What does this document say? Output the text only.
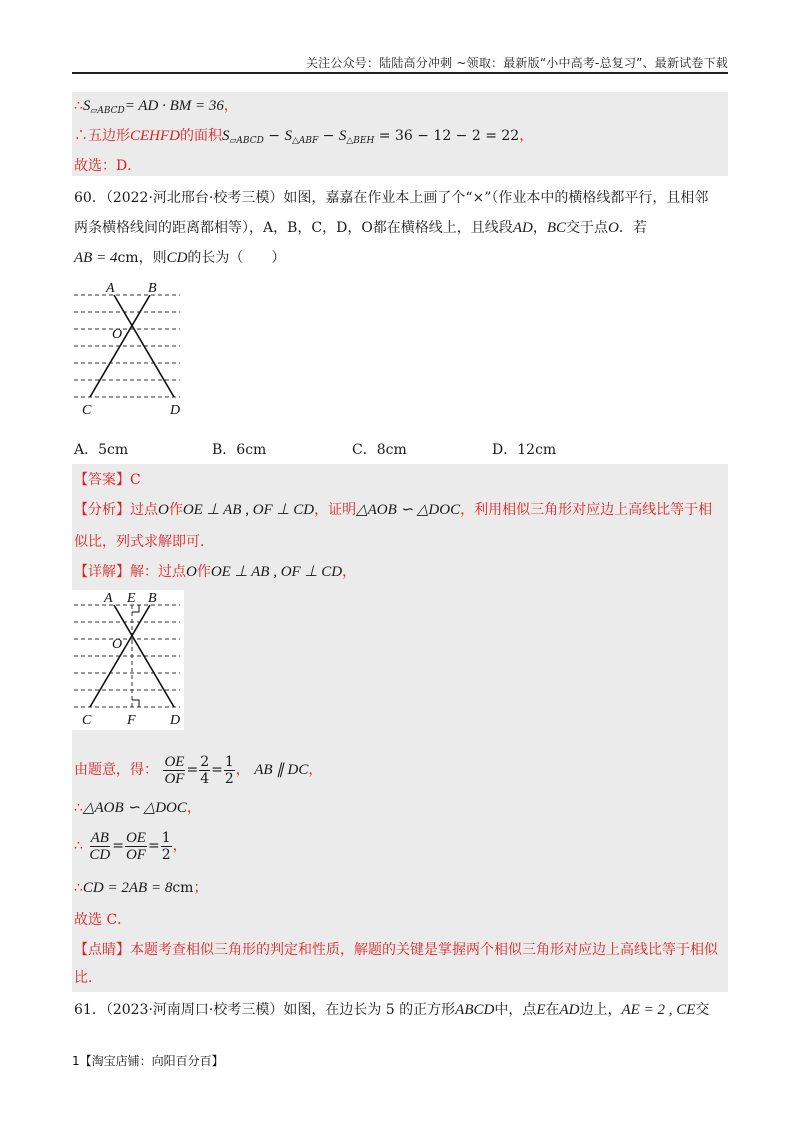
关注公众号：陆陆高分冲刺 ~领取：最新版“小中高考-总复习”、最新试卷下载
$\therefore S_{▱ABCD}=$ AD · BM = 36，
∴五边形CEHFD的面积$S_{▱ABCD} - S_{\triangle ABF} - S_{\triangle BEH} = 36 - 12 - 2 = 22$，
故选：D．
60．（2022·河北邢台·校考三模）如图，嘉嘉在作业本上画了个“×”（作业本中的横格线都平行，且相邻
两条横格线间的距离都相等），A，B，C，D，O都在横格线上，且线段AD，BC交于点O．若
AB = 4cm，则CD的长为（　　）
A B
O
C	D
A．5cm	B．6cm	C．8cm	D．12cm
【答案】C
【分析】过点O作OE ⊥ AB , OF ⊥ CD，证明△AOB ∽ △DOC，利用相似三角形对应边上高线比等于相
似比，列式求解即可．
【详解】解：过点O作OE ⊥ AB , OF ⊥ CD，
A E B
O
C	F D
由题意，得： $\frac{OE}{OF} = \frac{2}{4} = \frac{1}{2}$ ， AB ∥ DC，
∴△AOB ∽ △DOC，
∴ $\frac{AB}{CD} = \frac{OE}{OF} = \frac{1}{2}$ ，
∴CD = 2AB = 8cm；
故选 C．
【点睛】本题考查相似三角形的判定和性质，解题的关键是掌握两个相似三角形对应边上高线比等于相似
比．
61．（2023·河南周口·校考三模）如图，在边长为 5 的正方形ABCD中，点E在AD边上，AE = 2 , CE交
1【淘宝店铺：向阳百分百】
